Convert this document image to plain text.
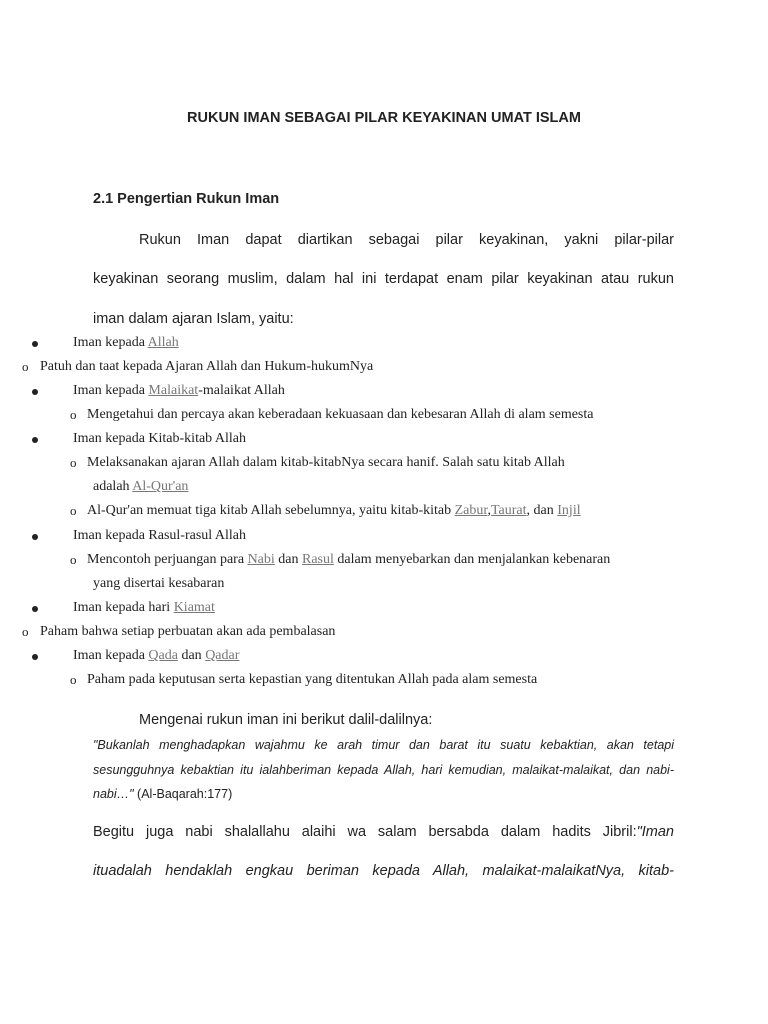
RUKUN IMAN SEBAGAI PILAR KEYAKINAN UMAT ISLAM
2.1 Pengertian Rukun Iman
Rukun Iman dapat diartikan sebagai pilar keyakinan, yakni pilar-pilar
keyakinan seorang muslim, dalam hal ini terdapat enam pilar keyakinan atau rukun
iman dalam ajaran Islam, yaitu:
Iman kepada Allah
o Patuh dan taat kepada Ajaran Allah dan Hukum-hukumNya
Iman kepada Malaikat-malaikat Allah
o Mengetahui dan percaya akan keberadaan kekuasaan dan kebesaran Allah di alam semesta
Iman kepada Kitab-kitab Allah
o Melaksanakan ajaran Allah dalam kitab-kitabNya secara hanif. Salah satu kitab Allah
adalah Al-Qur'an
o Al-Qur'an memuat tiga kitab Allah sebelumnya, yaitu kitab-kitab Zabur,Taurat, dan Injil
Iman kepada Rasul-rasul Allah
o Mencontoh perjuangan para Nabi dan Rasul dalam menyebarkan dan menjalankan kebenaran
yang disertai kesabaran
Iman kepada hari Kiamat
o Paham bahwa setiap perbuatan akan ada pembalasan
Iman kepada Qada dan Qadar
o Paham pada keputusan serta kepastian yang ditentukan Allah pada alam semesta
Mengenai rukun iman ini berikut dalil-dalilnya:
"Bukanlah menghadapkan wajahmu ke arah timur dan barat itu suatu kebaktian, akan tetapi
sesungguhnya kebaktian itu ialahberiman kepada Allah, hari kemudian, malaikat-malaikat, dan nabi-
nabi…" (Al-Baqarah:177)
Begitu juga nabi shalallahu alaihi wa salam bersabda dalam hadits Jibril:"Iman
ituadalah hendaklah engkau beriman kepada Allah, malaikat-malaikatNya, kitab-
